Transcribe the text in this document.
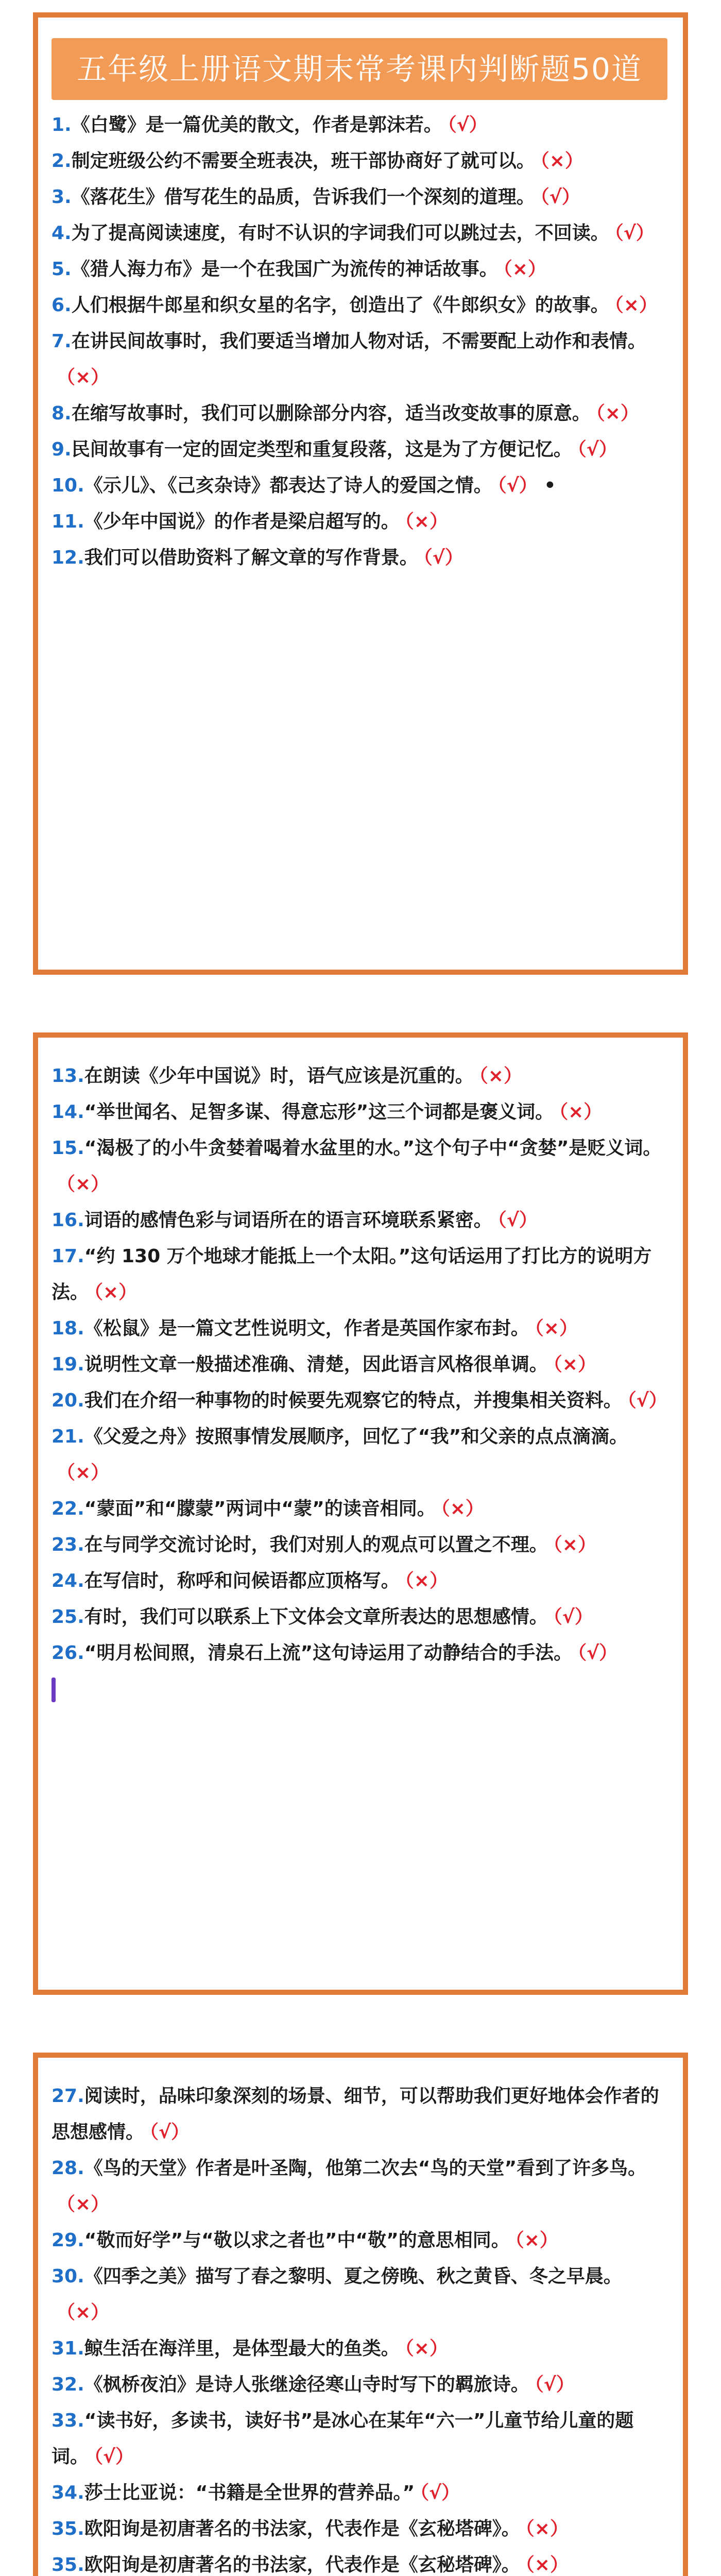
五年级上册语文期末常考课内判断题50道
1.《白鹭》是一篇优美的散文，作者是郭沫若。 （√）
2.制定班级公约不需要全班表决，班干部协商好了就可以。 （×）
3.《落花生》借写花生的品质，告诉我们一个深刻的道理。 （√）
4.为了提高阅读速度，有时不认识的字词我们可以跳过去，不回读。 （√）
5.《猎人海力布》是一个在我国广为流传的神话故事。 （×）
6.人们根据牛郎星和织女星的名字，创造出了《牛郎织女》的故事。 （×）
7.在讲民间故事时，我们要适当增加人物对话，不需要配上动作和表情。（×）
8.在缩写故事时，我们可以删除部分内容，适当改变故事的原意。 （×）
9.民间故事有一定的固定类型和重复段落，这是为了方便记忆。 （√）
10.《示儿》、《己亥杂诗》都表达了诗人的爱国之情。 （√） •
11.《少年中国说》的作者是梁启超写的。 （×）
12.我们可以借助资料了解文章的写作背景。 （√）
13.在朗读《少年中国说》时，语气应该是沉重的。 （×）
14.“举世闻名、足智多谋、得意忘形”这三个词都是褒义词。 （×）
15.“渴极了的小牛贪婪着喝着水盆里的水。”这个句子中“贪婪”是贬义词。（×）
16.词语的感情色彩与词语所在的语言环境联系紧密。 （√）
17.“约 130 万个地球才能抵上一个太阳。”这句话运用了打比方的说明方法。 （×）
18.《松鼠》是一篇文艺性说明文，作者是英国作家布封。 （×）
19.说明性文章一般描述准确、清楚，因此语言风格很单调。 （×）
20.我们在介绍一种事物的时候要先观察它的特点，并搜集相关资料。 （√）
21.《父爱之舟》按照事情发展顺序，回忆了“我”和父亲的点点滴滴。（×）
22.“蒙面”和“朦蒙”两词中“蒙”的读音相同。 （×）
23.在与同学交流讨论时，我们对别人的观点可以置之不理。 （×）
24.在写信时，称呼和问候语都应顶格写。 （×）
25.有时，我们可以联系上下文体会文章所表达的思想感情。 （√）
26.“明月松间照，清泉石上流”这句诗运用了动静结合的手法。 （√）
27.阅读时，品味印象深刻的场景、细节，可以帮助我们更好地体会作者的思想感情。 （√）
28.《鸟的天堂》作者是叶圣陶，他第二次去“鸟的天堂”看到了许多鸟。（×）
29.“敬而好学”与“敬以求之者也”中“敬”的意思相同。 （×）
30.《四季之美》描写了春之黎明、夏之傍晚、秋之黄昏、冬之早晨。（×）
31.鲸生活在海洋里，是体型最大的鱼类。 （×）
32.《枫桥夜泊》是诗人张继途径寒山寺时写下的羁旅诗。 （√）
33.“读书好，多读书，读好书”是冰心在某年“六一”儿童节给儿童的题词。 （√）
34.莎士比亚说：“书籍是全世界的营养品。” （√）
35.欧阳询是初唐著名的书法家，代表作是《玄秘塔碑》。 （×）
35.欧阳询是初唐著名的书法家，代表作是《玄秘塔碑》。 （×）
